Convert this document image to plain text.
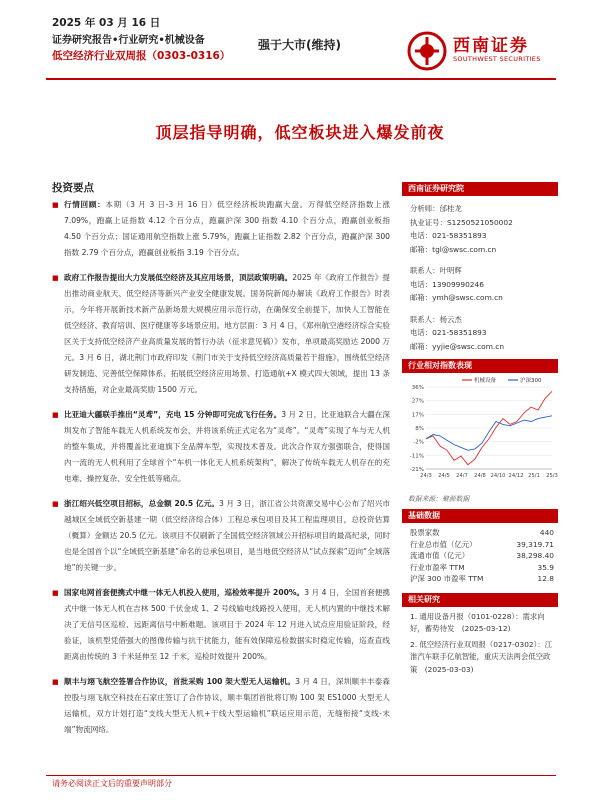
2025 年 03 月 16 日
证券研究报告•行业研究•机械设备
低空经济行业双周报（0303-0316）
强于大市(维持)	西南证券
SOUTHWEST SECURITIES
顶层指导明确，低空板块进入爆发前夜
投资要点
■ 行情回顾：本期（3 月 3 日-3 月 16 日）低空经济板块跑赢大盘。万得低空经济指数上涨 7.09%，跑赢上证指数 4.12 个百分点，跑赢沪深 300 指数 4.10 个百分点，跑赢创业板指 4.50 个百分点；国证通用航空指数上涨 5.79%，跑赢上证指数 2.82 个百分点，跑赢沪深 300 指数 2.79 个百分点，跑赢创业板指 3.19 个百分点。
■ 政府工作报告提出大力发展低空经济及其应用场景，顶层政策明确。2025 年《政府工作报告》提出推动商业航天、低空经济等新兴产业安全健康发展。国务院新闻办解读《政府工作报告》时表示，今年将开展新技术新产品新场景大规模应用示范行动，在确保安全前提下，加快人工智能在低空经济、教育培训、医疗健康等多场景应用。地方层面：3 月 4 日，《郑州航空港经济综合实验区关于支持低空经济产业高质量发展的暂行办法（征求意见稿）》发布，单项最高奖励达 2000 万元。3 月 6 日，湖北荆门市政府印发《荆门市关于支持低空经济高质量若干措施》，围绕低空经济研发制造、完善低空保障体系、拓展低空经济应用场景、打造通航+X 模式四大领域，提出 13 条支持措施，对企业最高奖励 1500 万元。
■ 比亚迪大疆联手推出“灵鸢”，充电 15 分钟即可完成飞行任务。3 月 2 日，比亚迪联合大疆在深圳发布了智能车载无人机系统发布会，并将该系统正式定名为“灵鸢”。“灵鸢”实现了车与无人机的整车集成，并将覆盖比亚迪旗下全品牌车型，实现技术普及。此次合作双方强强联合，使得国内一流的无人机利用了全球首个“车机一体化无人机系统架构”，解决了传统车载无人机存在的充电难、操控复杂、安全性低等痛点。
■ 浙江绍兴低空项目招标，总金额 20.5 亿元。3 月 3 日，浙江省公共资源交易中心公布了绍兴市越城区全域低空新基建一期（低空经济综合体）工程总承包项目及其工程监理项目，总投资估算（概算）金额达 20.5 亿元。该项目不仅刷新了全国低空经济领域公开招标项目的最高纪录，同时也是全国首个以“全域低空新基建”命名的总承包项目，是当地低空经济从“试点探索”迈向“全域落地”的关键一步。
■ 国家电网首套便携式中继一体无人机投入使用，巡检效率提升 200%。3 月 4 日，全国首套便携式中继一体无人机在吉林 500 千伏金成 1、2 号线输电线路投入使用，无人机内置的中继技术解决了无信号区巡检、远距离信号中断难题。该项目于 2024 年 12 月进入试点应用验证阶段，经验证，该机型凭借强大的图像传输与抗干扰能力，能有效保障巡检数据实时稳定传输，巡查直线距离由传统的 3 千米延伸至 12 千米，巡检时效提升 200%。
■ 顺丰与翊飞航空签署合作协议，首批采购 100 架大型无人运输机。3 月 4 日，深圳顺丰丰泰森控股与翊飞航空科技在石家庄签订了合作协议，顺丰集团首批将订购 100 架 ES1000 大型无人运输机，双方计划打造“支线大型无人机+干线大型运输机”联运应用示范，无缝衔接“支线-末端”物流网络。
西南证券研究院
分析师：邰桂龙
执业证号：S1250521050002
电话：021-58351893
邮箱：tgl@swsc.com.cn
联系人：叶明辉
电话：13909990246
邮箱：ymh@swsc.com.cn
联系人：杨云杰
电话：021-58351893
邮箱：yyjie@swsc.com.cn
行业相对指数表现
36%
27%
17%
8%
-2%
-11%
-21%
24/3 24/5 24/7 24/8 24/10 24/12 25/1 25/3
机械设备	沪深300
数据来源：聚源数据
基础数据
股票家数	440
行业总市值（亿元）	39,319.71
流通市值（亿元）	38,298.40
行业市盈率 TTM	35.9
沪深 300 市盈率 TTM	12.8
相关研究
1. 通用设备月报（0101-0228）：需求向好，蓄势待发　(2025-03-12)
2. 低空经济行业双周报（0217-0302）：江淮汽车联手亿航智能，重庆天法两会低空政策　(2025-03-03)
请务必阅读正文后的重要声明部分
